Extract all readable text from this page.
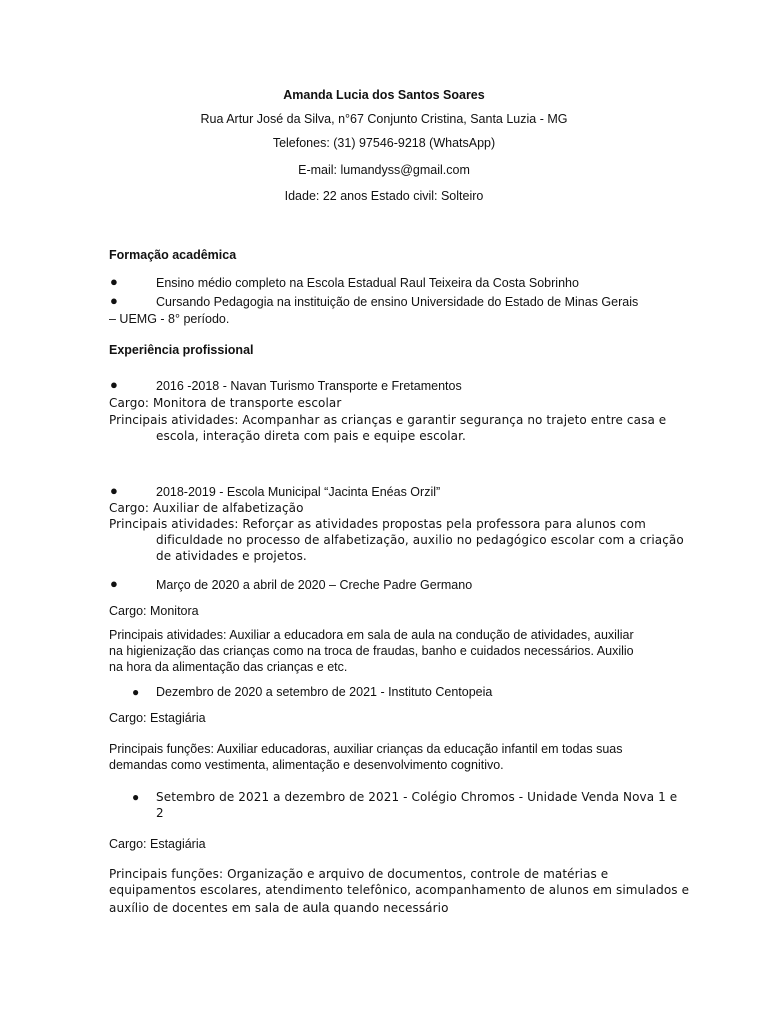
Amanda Lucia dos Santos Soares
Rua Artur José da Silva, n°67 Conjunto Cristina, Santa Luzia - MG
Telefones: (31) 97546-9218 (WhatsApp)
E-mail: lumandyss@gmail.com
Idade: 22 anos Estado civil: Solteiro
Formação acadêmica
●	Ensino médio completo na Escola Estadual Raul Teixeira da Costa Sobrinho
●	Cursando Pedagogia na instituição de ensino Universidade do Estado de Minas Gerais
– UEMG - 8° período.
Experiência profissional
●	2016 -2018 - Navan Turismo Transporte e Fretamentos
Cargo: Monitora de transporte escolar
Principais atividades: Acompanhar as crianças e garantir segurança no trajeto entre casa e
escola, interação direta com pais e equipe escolar.
●	2018-2019 - Escola Municipal “Jacinta Enéas Orzil”
Cargo: Auxiliar de alfabetização
Principais atividades: Reforçar as atividades propostas pela professora para alunos com
dificuldade no processo de alfabetização, auxilio no pedagógico escolar com a criação
de atividades e projetos.
●	Março de 2020 a abril de 2020 – Creche Padre Germano
Cargo: Monitora
Principais atividades: Auxiliar a educadora em sala de aula na condução de atividades, auxiliar
na higienização das crianças como na troca de fraudas, banho e cuidados necessários. Auxilio
na hora da alimentação das crianças e etc.
● Dezembro de 2020 a setembro de 2021 - Instituto Centopeia
Cargo: Estagiária
Principais funções: Auxiliar educadoras, auxiliar crianças da educação infantil em todas suas
demandas como vestimenta, alimentação e desenvolvimento cognitivo.
● Setembro de 2021 a dezembro de 2021 - Colégio Chromos - Unidade Venda Nova 1 e
2
Cargo: Estagiária
Principais funções: Organização e arquivo de documentos, controle de matérias e
equipamentos escolares, atendimento telefônico, acompanhamento de alunos em simulados e
auxílio de docentes em sala de aula quando necessário
